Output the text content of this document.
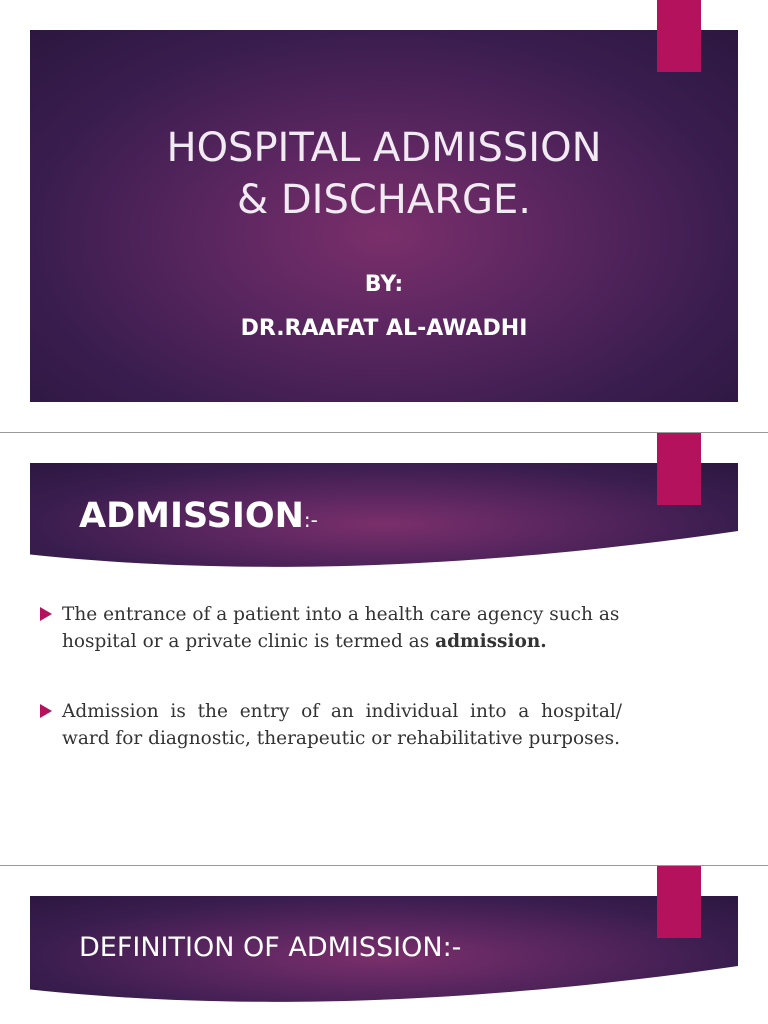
HOSPITAL ADMISSION
& DISCHARGE.
BY:
DR.RAAFAT AL-AWADHI
ADMISSION:-
The entrance of a patient into a health care agency such as hospital or a private clinic is termed as admission.
Admission is the entry of an individual into a hospital/ ward for diagnostic, therapeutic or rehabilitative purposes.
DEFINITION OF ADMISSION:-
